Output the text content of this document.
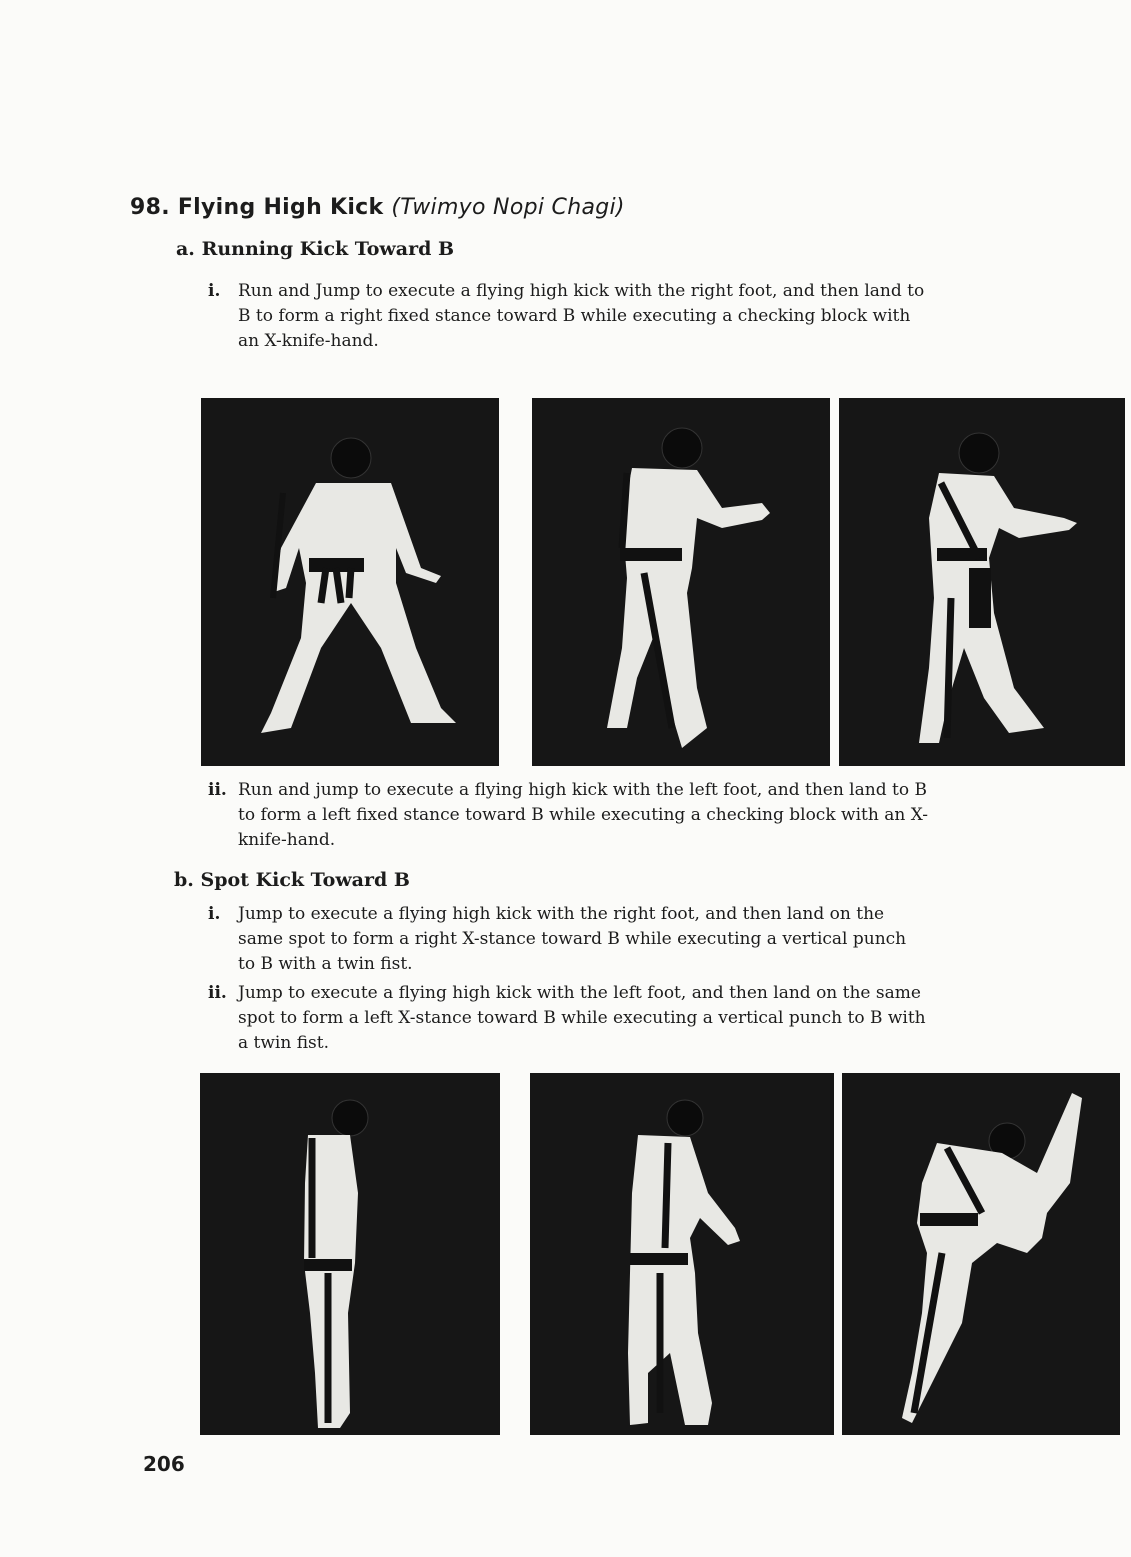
98. Flying High Kick (Twimyo Nopi Chagi)
a. Running Kick Toward B
i.	Run and Jump to execute a flying high kick with the right foot, and then land to B to form a right fixed stance toward B while executing a checking block with an X-knife-hand.
ii. Run and jump to execute a flying high kick with the left foot, and then land to B to form a left fixed stance toward B while executing a checking block with an X-knife-hand.
b. Spot Kick Toward B
i.	Jump to execute a flying high kick with the right foot, and then land on the same spot to form a right X-stance toward B while executing a vertical punch to B with a twin fist.
ii. Jump to execute a flying high kick with the left foot, and then land on the same spot to form a left X-stance toward B while executing a vertical punch to B with a twin fist.
206
